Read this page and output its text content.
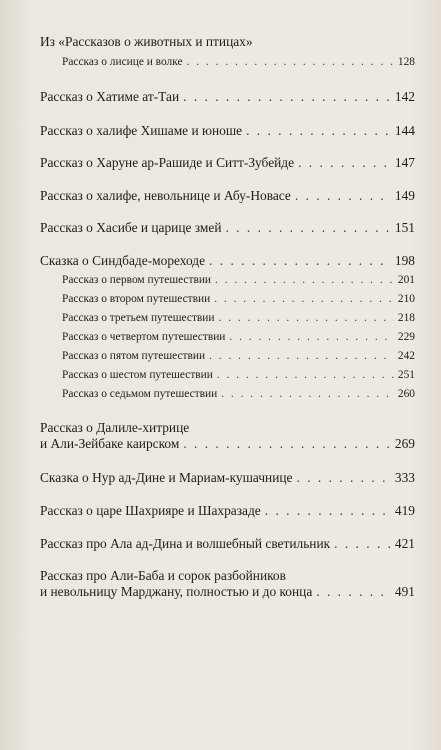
Из «Рассказов о животных и птицах»
Рассказ о лисице и волке . . .	128
Рассказ о Хатиме ат-Таи . . .	142
Рассказ о халифе Хишаме и юноше . . .	144
Рассказ о Харуне ар-Рашиде и Ситт-Зубейде . . .	147
Рассказ о халифе, невольнице и Абу-Новасе . . .	149
Рассказ о Хасибе и царице змей . . .	151
Сказка о Синдбаде-мореходе . . .	198
Рассказ о первом путешествии . . .	201
Рассказ о втором путешествии . . .	210
Рассказ о третьем путешествии . . .	218
Рассказ о четвертом путешествии . . .	229
Рассказ о пятом путешествии . . .	242
Рассказ о шестом путешествии . . .	251
Рассказ о седьмом путешествии . . .	260
Рассказ о Далиле-хитрице
и Али-Зейбаке каирском . . .	269
Сказка о Нур ад-Дине и Мариам-кушачнице . . .	333
Рассказ о царе Шахрияре и Шахразаде . . .	419
Рассказ про Ала ад-Дина и волшебный светильник . . .	421
Рассказ про Али-Баба и сорок разбойников
и невольницу Марджану, полностью и до конца . . .	491
